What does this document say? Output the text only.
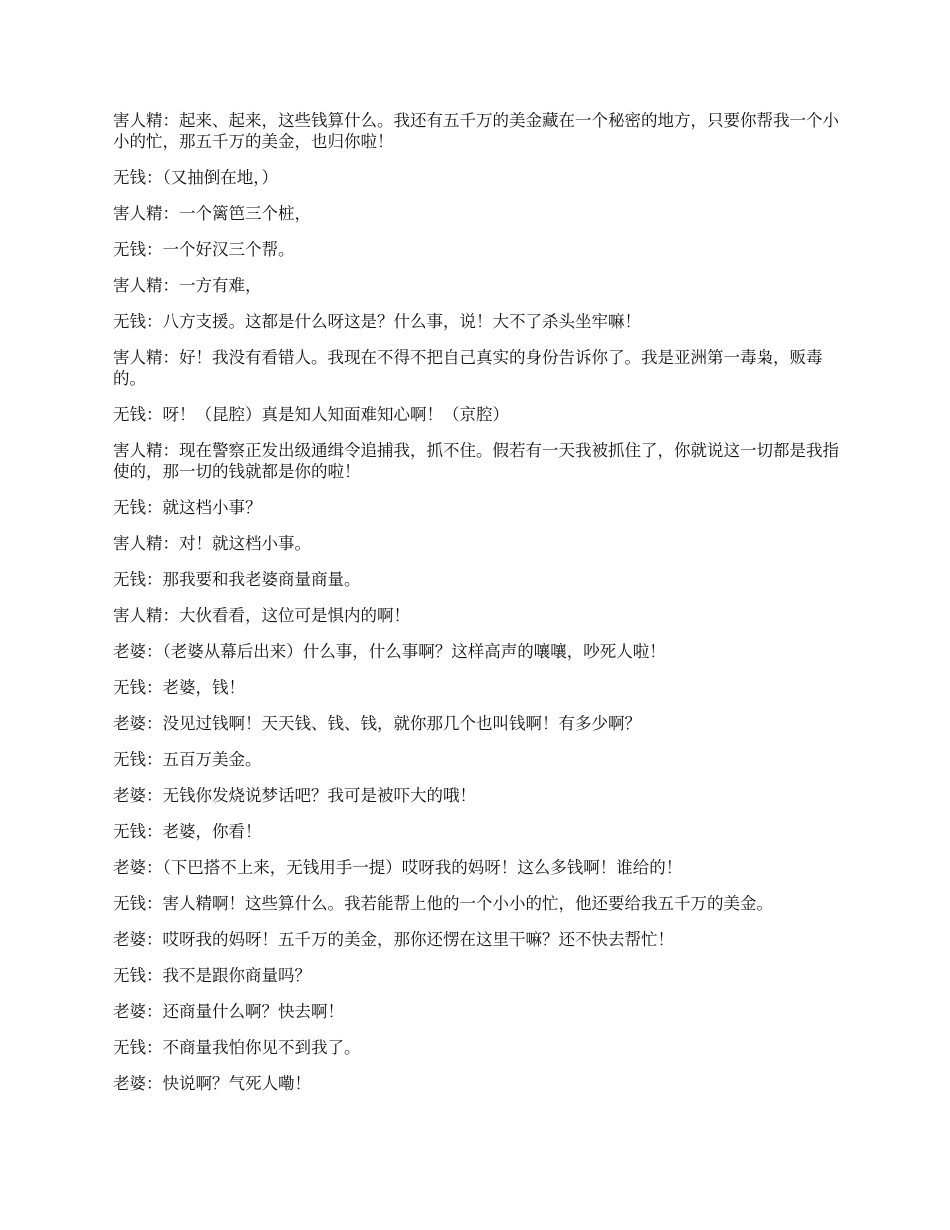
害人精：起来、起来，这些钱算什么。我还有五千万的美金藏在一个秘密的地方，只要你帮我一个小小的忙，那五千万的美金，也归你啦！

无钱：（又抽倒在地，）

害人精：一个篱笆三个桩，

无钱：一个好汉三个帮。

害人精：一方有难，

无钱：八方支援。这都是什么呀这是？什么事，说！大不了杀头坐牢嘛！

害人精：好！我没有看错人。我现在不得不把自己真实的身份告诉你了。我是亚洲第一毒枭，贩毒的。

无钱：呀！（昆腔）真是知人知面难知心啊！（京腔）

害人精：现在警察正发出级通缉令追捕我，抓不住。假若有一天我被抓住了，你就说这一切都是我指使的，那一切的钱就都是你的啦！

无钱：就这档小事？

害人精：对！就这档小事。

无钱：那我要和我老婆商量商量。

害人精：大伙看看，这位可是惧内的啊！

老婆：（老婆从幕后出来）什么事，什么事啊？这样高声的嚷嚷，吵死人啦！

无钱：老婆，钱！

老婆：没见过钱啊！天天钱、钱、钱，就你那几个也叫钱啊！有多少啊？

无钱：五百万美金。

老婆：无钱你发烧说梦话吧？我可是被吓大的哦！

无钱：老婆，你看！

老婆：（下巴搭不上来，无钱用手一提）哎呀我的妈呀！这么多钱啊！谁给的！

无钱：害人精啊！这些算什么。我若能帮上他的一个小小的忙，他还要给我五千万的美金。

老婆：哎呀我的妈呀！五千万的美金，那你还愣在这里干嘛？还不快去帮忙！

无钱：我不是跟你商量吗？

老婆：还商量什么啊？快去啊！

无钱：不商量我怕你见不到我了。

老婆：快说啊？气死人嘞！
